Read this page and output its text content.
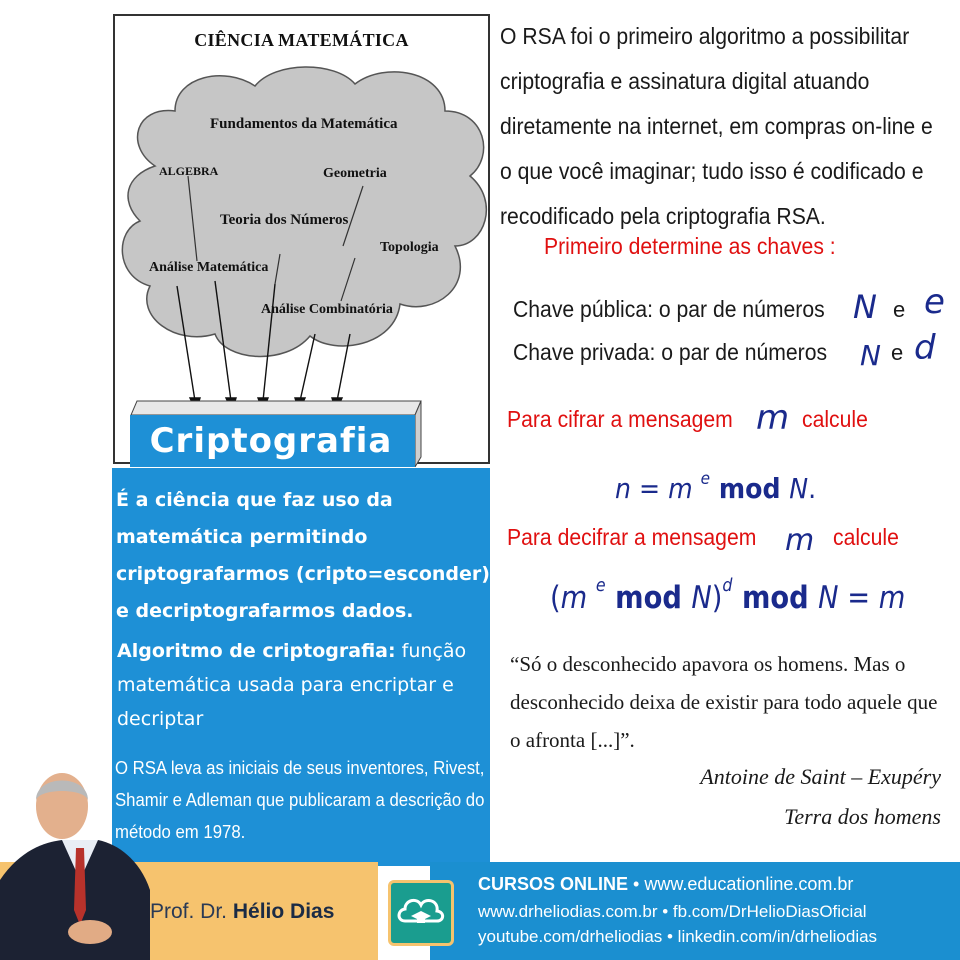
CIÊNCIA MATEMÁTICA
Fundamentos da Matemática
ALGEBRA	Geometria
Teoria dos Números
Topologia
Análise Matemática
Análise Combinatória
Criptografia
É a ciência que faz uso da matemática permitindo criptografarmos (cripto=esconder) e decriptografarmos dados.
Algoritmo de criptografia: função matemática usada para encriptar e decriptar
O RSA leva as iniciais de seus inventores, Rivest,
Shamir e Adleman que publicaram a descrição do
método em 1978.
O RSA foi o primeiro algoritmo a possibilitar
criptografia e assinatura digital atuando
diretamente na internet, em compras on-line e
o que você imaginar; tudo isso é codificado e
recodificado pela criptografia RSA.
Primeiro determine as chaves :
Chave pública: o par de números N e e
Chave privada: o par de números N e d
Para cifrar a mensagem m calcule
n = m $^e$ mod N.
Para decifrar a mensagem m calcule
(m $^e$ mod N)$^d$ mod N = m
“Só o desconhecido apavora os homens. Mas o desconhecido deixa de existir para todo aquele que o afronta [...]”.
Antoine de Saint – Exupéry
Terra dos homens
Prof. Dr. Hélio Dias
CURSOS ONLINE • www.educationline.com.br
www.drheliodias.com.br • fb.com/DrHelioDiasOficial
youtube.com/drheliodias • linkedin.com/in/drheliodias
